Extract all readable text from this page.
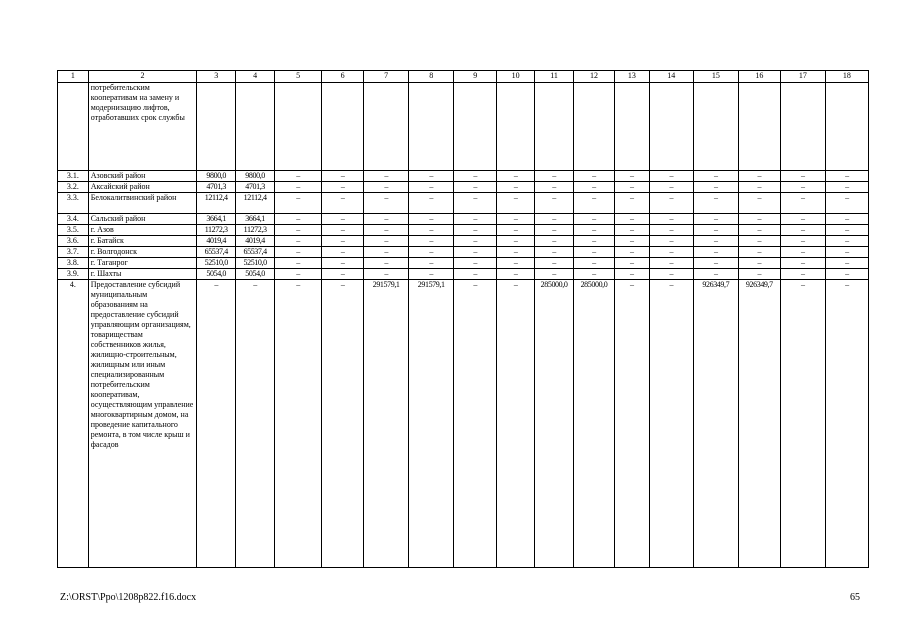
1	2	3	4	5	6	7	8	9	10	11	12	13	14	15	16	17	18
	потребительским кооперативам на замену и модернизацию лифтов, отработавших срок службы																
3.1.	Азовский район	9800,0	9800,0	–	–	–	–	–	–	–	–	–	–	–	–	–	–
3.2.	Аксайский район	4701,3	4701,3	–	–	–	–	–	–	–	–	–	–	–	–	–	–
3.3.	Белокалитвинский район	12112,4	12112,4	–	–	–	–	–	–	–	–	–	–	–	–	–	–
3.4.	Сальский район	3664,1	3664,1	–	–	–	–	–	–	–	–	–	–	–	–	–	–
3.5.	г. Азов	11272,3	11272,3	–	–	–	–	–	–	–	–	–	–	–	–	–	–
3.6.	г. Батайск	4019,4	4019,4	–	–	–	–	–	–	–	–	–	–	–	–	–	–
3.7.	г. Волгодонск	65537,4	65537,4	–	–	–	–	–	–	–	–	–	–	–	–	–	–
3.8.	г. Таганрог	52510,0	52510,0	–	–	–	–	–	–	–	–	–	–	–	–	–	–
3.9.	г. Шахты	5054,0	5054,0	–	–	–	–	–	–	–	–	–	–	–	–	–	–
4.	Предоставление субсидий муниципальным образованиям на предоставление субсидий управляющим организациям, товариществам собственников жилья, жилищно-строительным, жилищным или иным специализированным потребительским кооперативам, осуществляющим управление многоквартирным домом, на проведение капитального ремонта, в том числе крыш и фасадов	–	–	–	–	291579,1	291579,1	–	–	285000,0	285000,0	–	–	926349,7	926349,7	–	–
Z:\ORST\Ppo\1208p822.f16.docx	65
